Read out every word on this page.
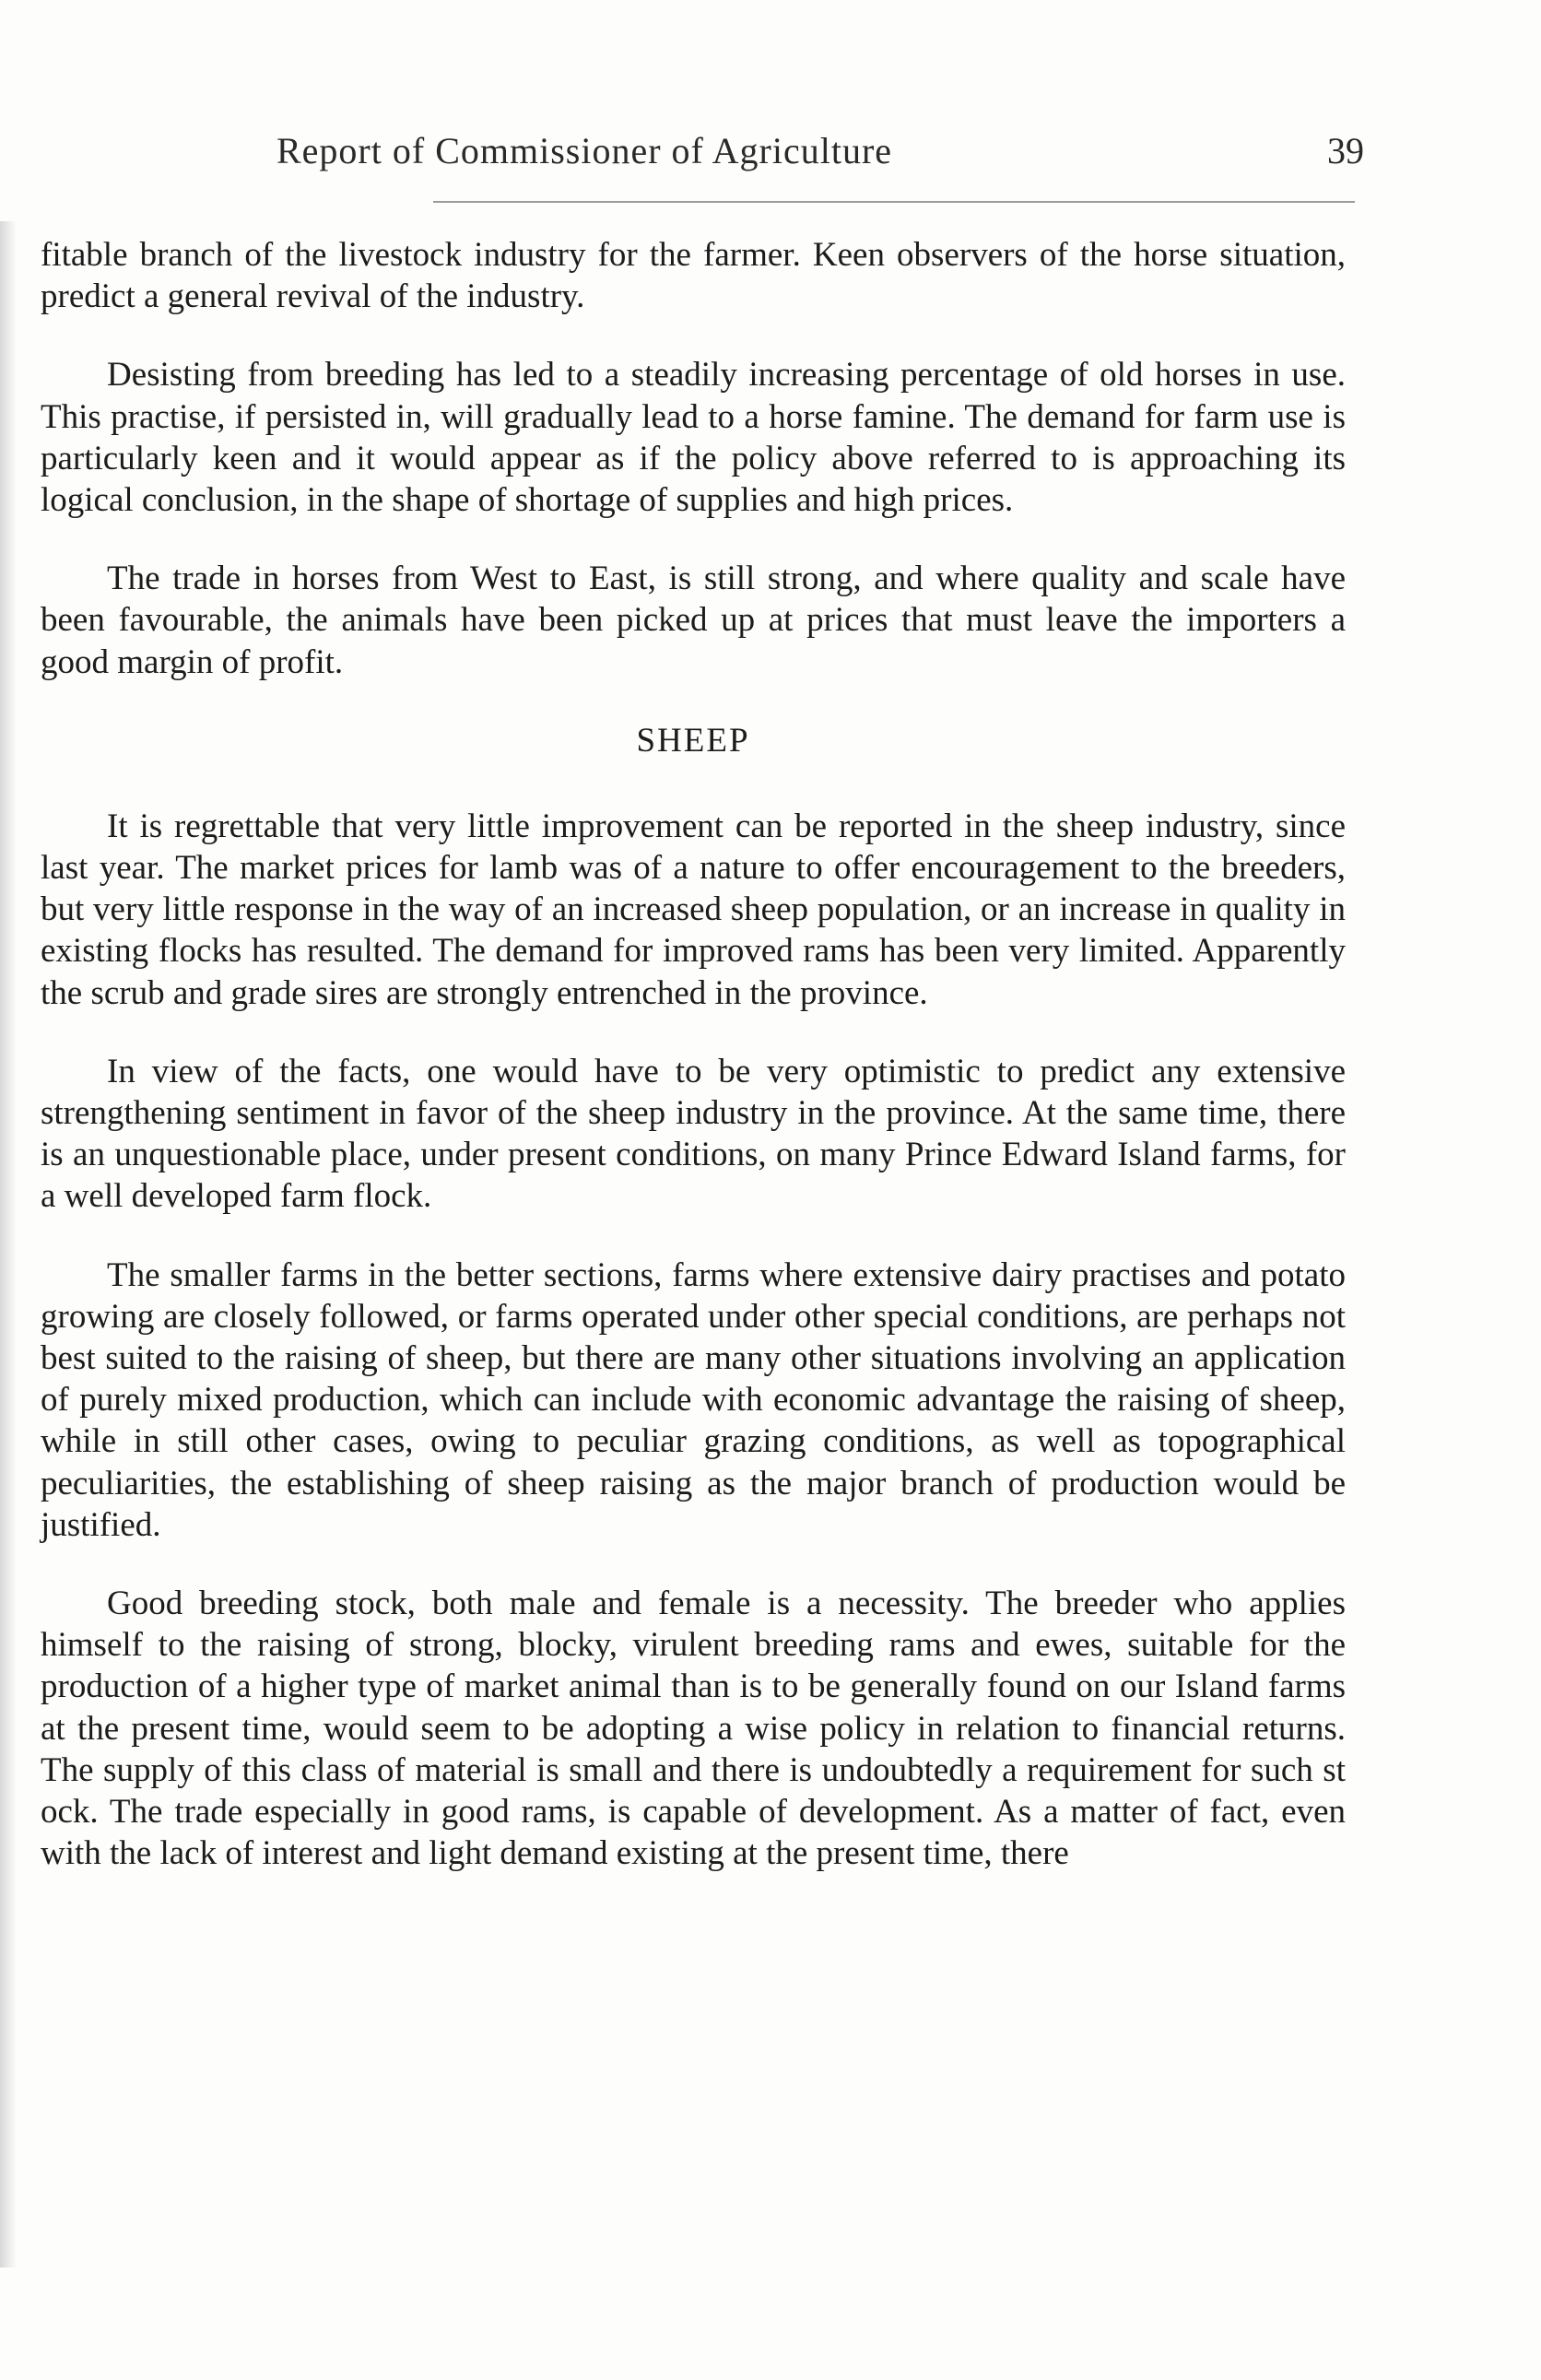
Report of Commissioner of Agriculture	39

fitable branch of the livestock industry for the farmer. Keen observers of the horse situation, predict a general revival of the industry.

Desisting from breeding has led to a steadily increasing percentage of old horses in use. This practise, if persisted in, will gradually lead to a horse famine. The demand for farm use is particularly keen and it would appear as if the policy above referred to is approaching its logical conclusion, in the shape of shortage of supplies and high prices.

The trade in horses from West to East, is still strong, and where quality and scale have been favourable, the animals have been picked up at prices that must leave the importers a good margin of profit.

SHEEP

It is regrettable that very little improvement can be reported in the sheep industry, since last year. The market prices for lamb was of a nature to offer encouragement to the breeders, but very little response in the way of an increased sheep population, or an increase in quality in existing flocks has resulted. The demand for improved rams has been very limited. Apparently the scrub and grade sires are strongly entrenched in the province.

In view of the facts, one would have to be very optimistic to predict any extensive strengthening sentiment in favor of the sheep industry in the province. At the same time, there is an unquestionable place, under present conditions, on many Prince Edward Island farms, for a well developed farm flock.

The smaller farms in the better sections, farms where extensive dairy practises and potato growing are closely followed, or farms operated under other special conditions, are perhaps not best suited to the raising of sheep, but there are many other situations involving an application of purely mixed production, which can include with economic advantage the raising of sheep, while in still other cases, owing to peculiar grazing conditions, as well as topographical peculiarities, the establishing of sheep raising as the major branch of production would be justified.

Good breeding stock, both male and female is a necessity. The breeder who applies himself to the raising of strong, blocky, virulent breeding rams and ewes, suitable for the production of a higher type of market animal than is to be generally found on our Island farms at the present time, would seem to be adopting a wise policy in relation to financial returns. The supply of this class of material is small and there is undoubtedly a requirement for such st ock. The trade especially in good rams, is capable of development. As a matter of fact, even with the lack of interest and light demand existing at the present time, there
